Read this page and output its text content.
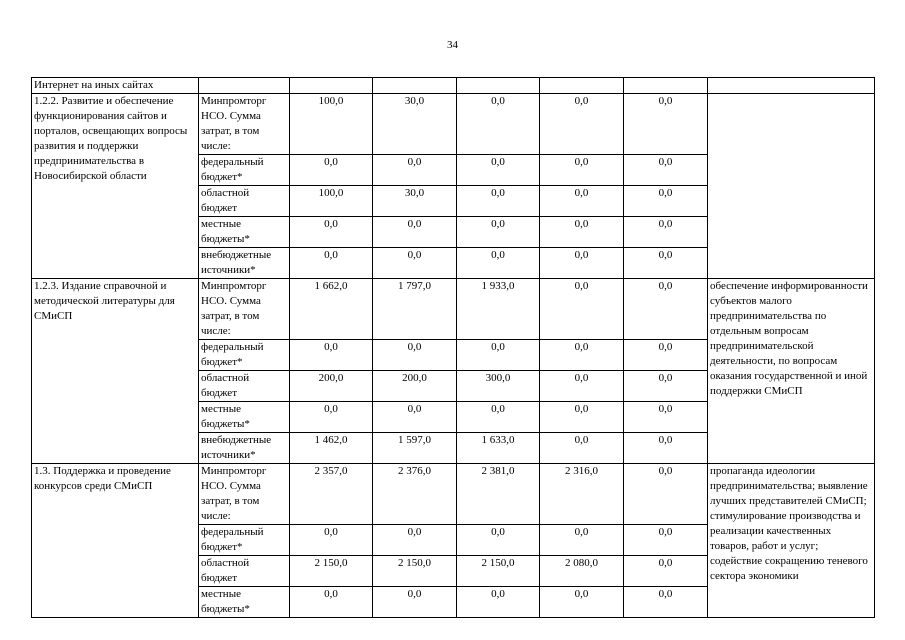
34
Интернет на иных сайтах							
1.2.2. Развитие и обеспечение функционирования сайтов и порталов, освещающих вопросы развития и поддержки предпринимательства в Новосибирской области	Минпромторг НСО. Сумма затрат, в том числе:	100,0	30,0	0,0	0,0	0,0	
	федеральный бюджет*	0,0	0,0	0,0	0,0	0,0	
	областной бюджет	100,0	30,0	0,0	0,0	0,0	
	местные бюджеты*	0,0	0,0	0,0	0,0	0,0	
	внебюджетные источники*	0,0	0,0	0,0	0,0	0,0	
1.2.3. Издание справочной и методической литературы для СМиСП	Минпромторг НСО. Сумма затрат, в том числе:	1 662,0	1 797,0	1 933,0	0,0	0,0	обеспечение информированности субъектов малого предпринимательства по отдельным вопросам предпринимательской деятельности, по вопросам оказания государственной и иной поддержки СМиСП
	федеральный бюджет*	0,0	0,0	0,0	0,0	0,0	
	областной бюджет	200,0	200,0	300,0	0,0	0,0	
	местные бюджеты*	0,0	0,0	0,0	0,0	0,0	
	внебюджетные источники*	1 462,0	1 597,0	1 633,0	0,0	0,0	
1.3. Поддержка и проведение конкурсов среди СМиСП	Минпромторг НСО. Сумма затрат, в том числе:	2 357,0	2 376,0	2 381,0	2 316,0	0,0	пропаганда идеологии предпринимательства; выявление лучших представителей СМиСП; стимулирование производства и реализации качественных товаров, работ и услуг; содействие сокращению теневого сектора экономики
	федеральный бюджет*	0,0	0,0	0,0	0,0	0,0	
	областной бюджет	2 150,0	2 150,0	2 150,0	2 080,0	0,0	
	местные бюджеты*	0,0	0,0	0,0	0,0	0,0	
